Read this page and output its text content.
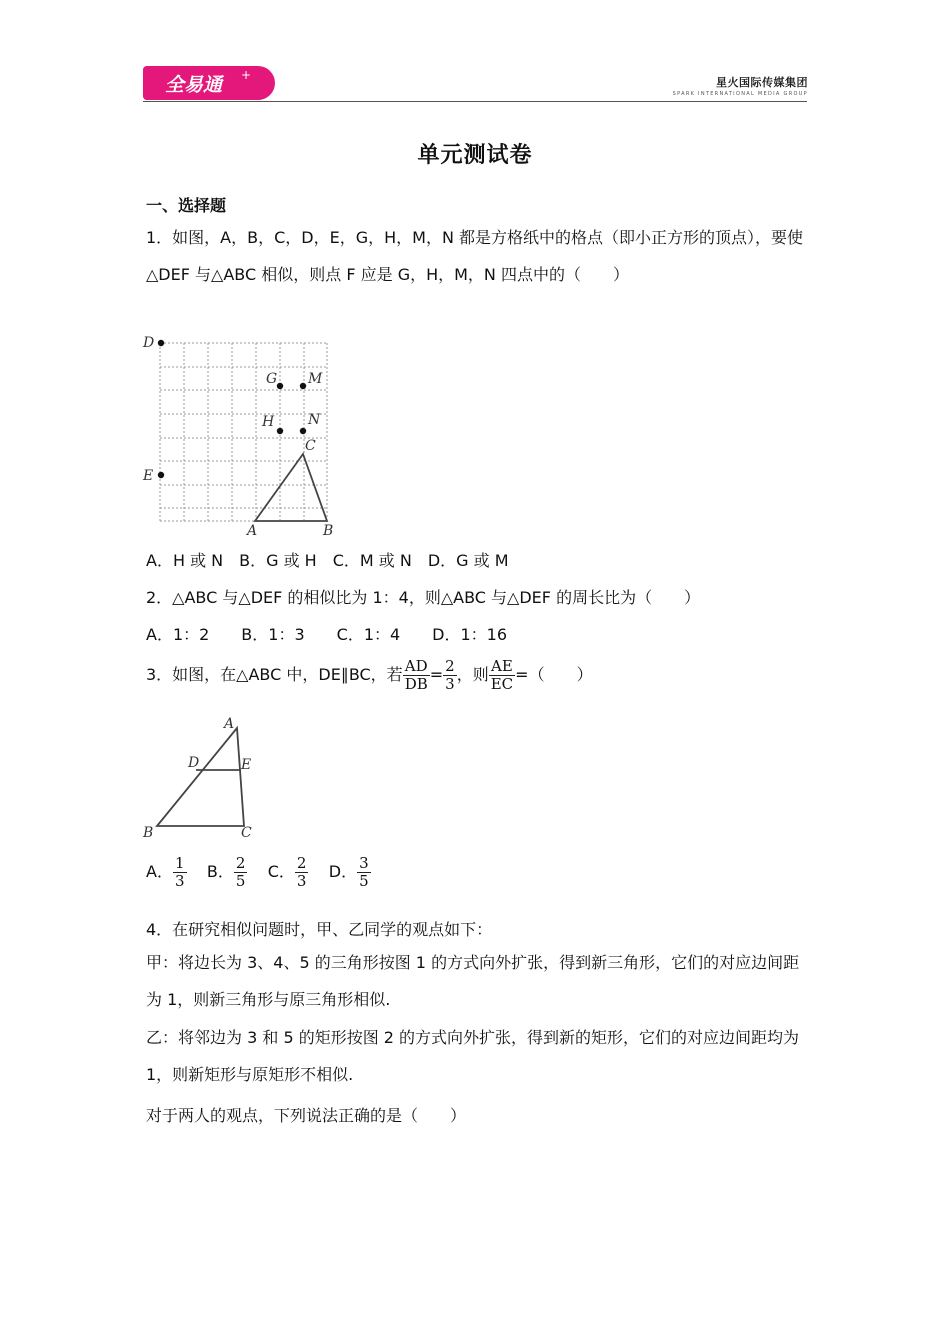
全易通 +
星火国际传媒集团
SPARK INTERNATIONAL MEDIA GROUP
单元测试卷
一、选择题
1．如图，A，B，C，D，E，G，H，M，N 都是方格纸中的格点（即小正方形的顶点），要使△DEF 与△ABC 相似，则点 F 应是 G，H，M，N 四点中的（　　）
D
E
G M
H N
C
A	B
A．H 或 N　B．G 或 H　C．M 或 N　D．G 或 M
2．△ABC 与△DEF 的相似比为 1：4，则△ABC 与△DEF 的周长比为（　　）
A．1：2　　B．1：3　　C．1：4　　D．1：16
3．如图，在△ABC 中，DE∥BC，若 $\frac{AD}{DB} = \frac{2}{3}$ ，则 $\frac{AE}{EC}$ =（　　）
A
D	E
B	C
A． $\frac{1}{3}$ B． $\frac{2}{5}$ C． $\frac{2}{3}$ D． $\frac{3}{5}$
4．在研究相似问题时，甲、乙同学的观点如下：
甲：将边长为 3、4、5 的三角形按图 1 的方式向外扩张，得到新三角形，它们的对应边间距为 1，则新三角形与原三角形相似.
乙：将邻边为 3 和 5 的矩形按图 2 的方式向外扩张，得到新的矩形，它们的对应边间距均为 1，则新矩形与原矩形不相似.
对于两人的观点，下列说法正确的是（　　）
